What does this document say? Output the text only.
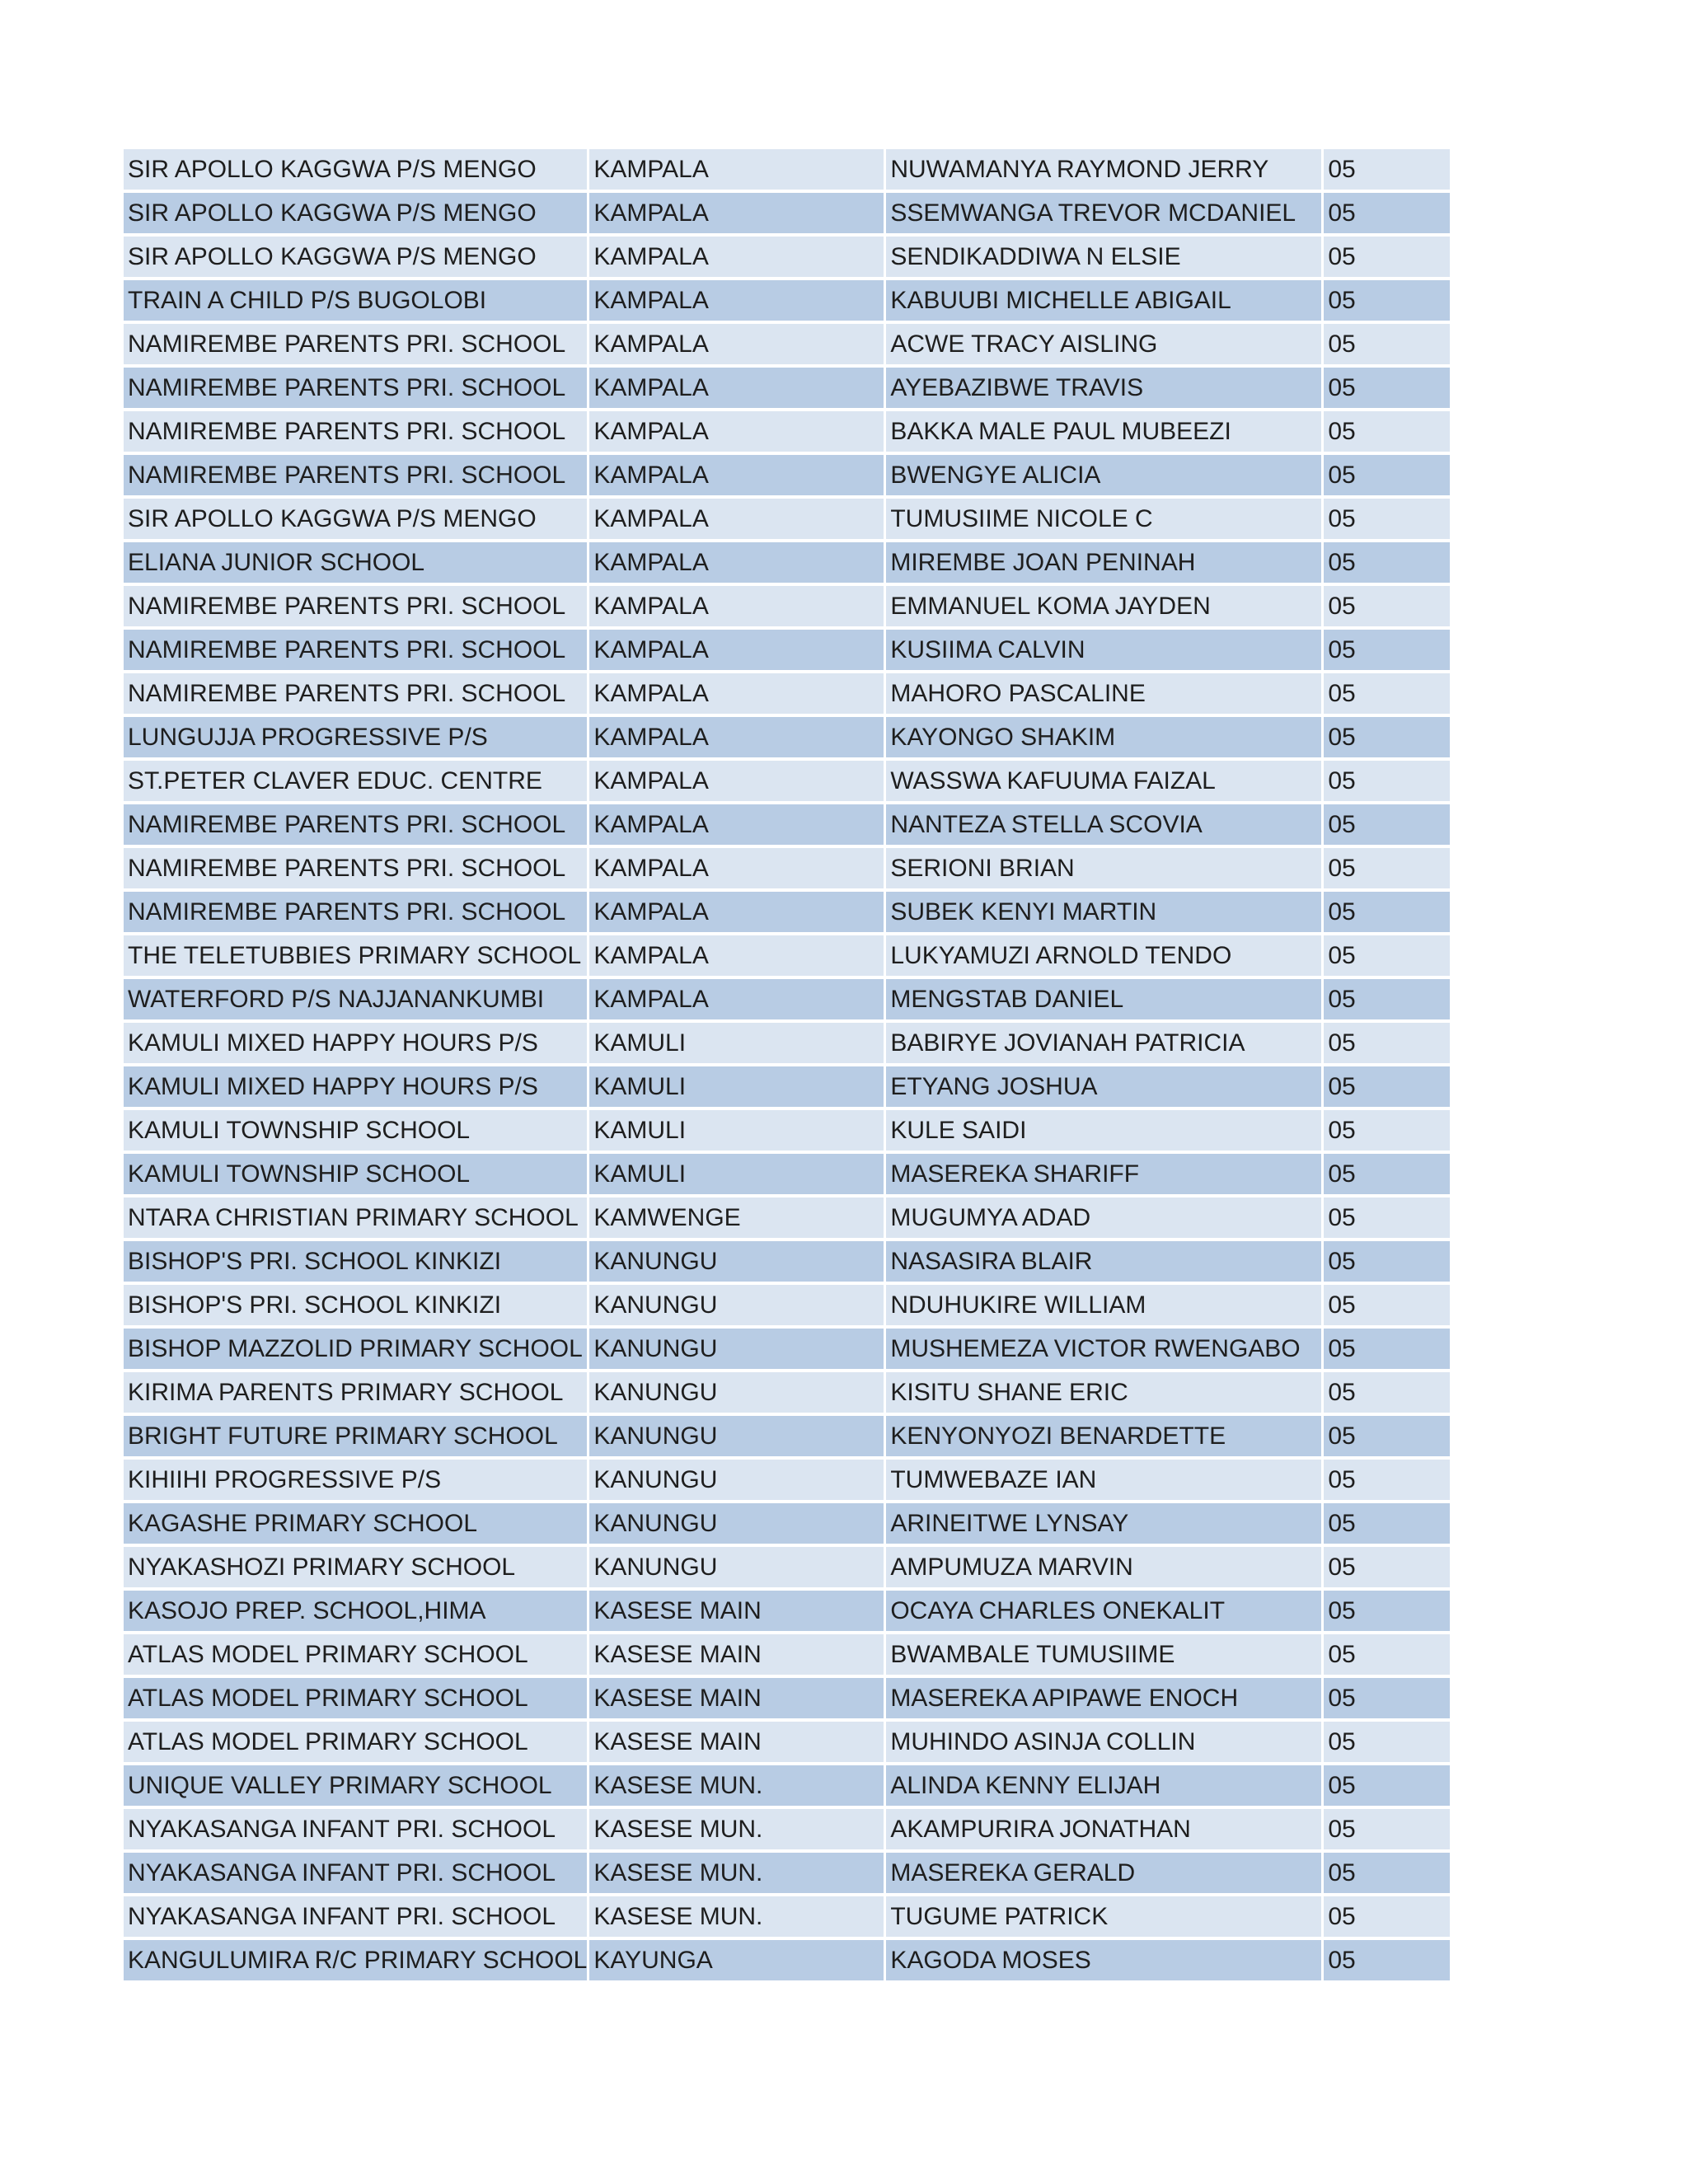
SIR APOLLO KAGGWA P/S MENGO	KAMPALA	NUWAMANYA RAYMOND JERRY	05
SIR APOLLO KAGGWA P/S MENGO	KAMPALA	SSEMWANGA TREVOR MCDANIEL	05
SIR APOLLO KAGGWA P/S MENGO	KAMPALA	SENDIKADDIWA N ELSIE	05
TRAIN A CHILD P/S BUGOLOBI	KAMPALA	KABUUBI MICHELLE ABIGAIL	05
NAMIREMBE PARENTS PRI. SCHOOL	KAMPALA	ACWE TRACY AISLING	05
NAMIREMBE PARENTS PRI. SCHOOL	KAMPALA	AYEBAZIBWE TRAVIS	05
NAMIREMBE PARENTS PRI. SCHOOL	KAMPALA	BAKKA MALE PAUL MUBEEZI	05
NAMIREMBE PARENTS PRI. SCHOOL	KAMPALA	BWENGYE ALICIA	05
SIR APOLLO KAGGWA P/S MENGO	KAMPALA	TUMUSIIME NICOLE C	05
ELIANA JUNIOR SCHOOL	KAMPALA	MIREMBE JOAN PENINAH	05
NAMIREMBE PARENTS PRI. SCHOOL	KAMPALA	EMMANUEL KOMA JAYDEN	05
NAMIREMBE PARENTS PRI. SCHOOL	KAMPALA	KUSIIMA CALVIN	05
NAMIREMBE PARENTS PRI. SCHOOL	KAMPALA	MAHORO PASCALINE	05
LUNGUJJA PROGRESSIVE P/S	KAMPALA	KAYONGO SHAKIM	05
ST.PETER CLAVER EDUC. CENTRE	KAMPALA	WASSWA KAFUUMA FAIZAL	05
NAMIREMBE PARENTS PRI. SCHOOL	KAMPALA	NANTEZA STELLA SCOVIA	05
NAMIREMBE PARENTS PRI. SCHOOL	KAMPALA	SERIONI BRIAN	05
NAMIREMBE PARENTS PRI. SCHOOL	KAMPALA	SUBEK KENYI MARTIN	05
THE TELETUBBIES PRIMARY SCHOOL	KAMPALA	LUKYAMUZI ARNOLD TENDO	05
WATERFORD P/S NAJJANANKUMBI	KAMPALA	MENGSTAB DANIEL	05
KAMULI MIXED HAPPY HOURS P/S	KAMULI	BABIRYE JOVIANAH PATRICIA	05
KAMULI MIXED HAPPY HOURS P/S	KAMULI	ETYANG JOSHUA	05
KAMULI TOWNSHIP SCHOOL	KAMULI	KULE SAIDI	05
KAMULI TOWNSHIP SCHOOL	KAMULI	MASEREKA SHARIFF	05
NTARA CHRISTIAN PRIMARY SCHOOL	KAMWENGE	MUGUMYA ADAD	05
BISHOP'S PRI. SCHOOL KINKIZI	KANUNGU	NASASIRA BLAIR	05
BISHOP'S PRI. SCHOOL KINKIZI	KANUNGU	NDUHUKIRE WILLIAM	05
BISHOP MAZZOLID PRIMARY SCHOOL	KANUNGU	MUSHEMEZA VICTOR RWENGABO	05
KIRIMA PARENTS PRIMARY SCHOOL	KANUNGU	KISITU SHANE ERIC	05
BRIGHT FUTURE PRIMARY SCHOOL	KANUNGU	KENYONYOZI BENARDETTE	05
KIHIIHI PROGRESSIVE P/S	KANUNGU	TUMWEBAZE IAN	05
KAGASHE PRIMARY SCHOOL	KANUNGU	ARINEITWE LYNSAY	05
NYAKASHOZI PRIMARY SCHOOL	KANUNGU	AMPUMUZA MARVIN	05
KASOJO PREP. SCHOOL,HIMA	KASESE MAIN	OCAYA CHARLES ONEKALIT	05
ATLAS MODEL PRIMARY SCHOOL	KASESE MAIN	BWAMBALE TUMUSIIME	05
ATLAS MODEL PRIMARY SCHOOL	KASESE MAIN	MASEREKA APIPAWE ENOCH	05
ATLAS MODEL PRIMARY SCHOOL	KASESE MAIN	MUHINDO ASINJA COLLIN	05
UNIQUE VALLEY PRIMARY SCHOOL	KASESE MUN.	ALINDA KENNY ELIJAH	05
NYAKASANGA INFANT PRI. SCHOOL	KASESE MUN.	AKAMPURIRA JONATHAN	05
NYAKASANGA INFANT PRI. SCHOOL	KASESE MUN.	MASEREKA GERALD	05
NYAKASANGA INFANT PRI. SCHOOL	KASESE MUN.	TUGUME PATRICK	05
KANGULUMIRA R/C PRIMARY SCHOOL	KAYUNGA	KAGODA MOSES	05
